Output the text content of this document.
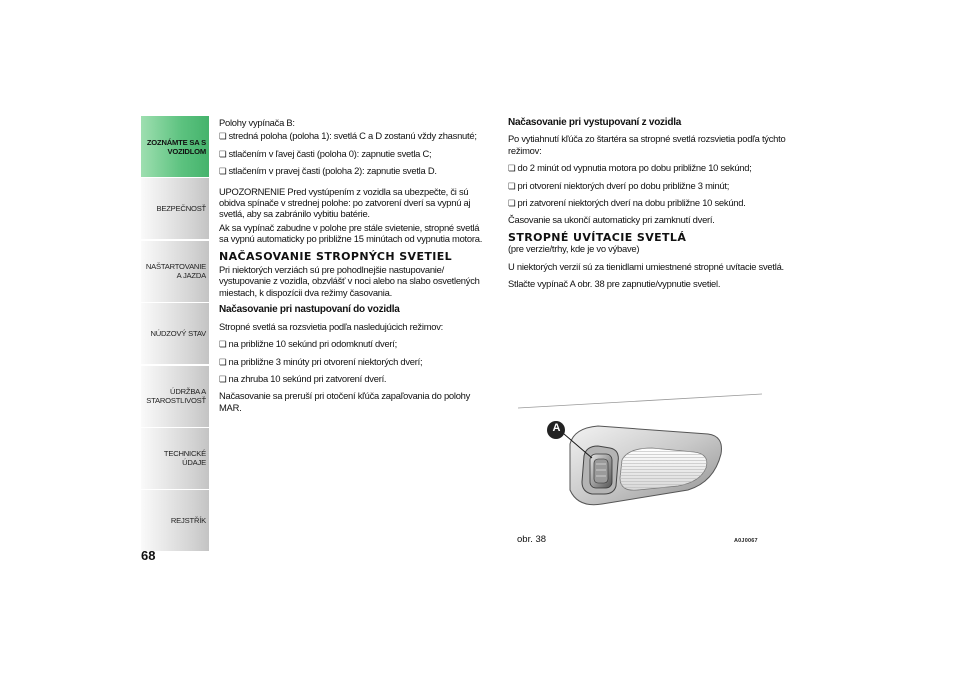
ZOZNÁMTE SA S VOZIDLOM
BEZPEČNOSŤ
NAŠTARTOVANIE A JAZDA
NÚDZOVÝ STAV
ÚDRŽBA A STAROSTLIVOSŤ
TECHNICKÉ ÚDAJE
REJSTŘÍK
68

Polohy vypínača B:

❏ stredná poloha (poloha 1): svetlá C a D zostanú vždy zhasnuté;
❏ stlačením v ľavej časti (poloha 0): zapnutie svetla C;
❏ stlačením v pravej časti (poloha 2): zapnutie svetla D.

UPOZORNENIE Pred vystúpením z vozidla sa ubezpečte, či sú obidva spínače v strednej polohe: po zatvorení dverí sa vypnú aj svetlá, aby sa zabránilo vybitiu batérie.

Ak sa vypínač zabudne v polohe pre stále svietenie, stropné svetlá sa vypnú automaticky po približne 15 minútach od vypnutia motora.

NAČASOVANIE STROPNÝCH SVETIEL

Pri niektorých verziách sú pre pohodlnejšie nastupovanie/ vystupovanie z vozidla, obzvlášť v noci alebo na slabo osvetlených miestach, k dispozícii dva režimy časovania.

Načasovanie pri nastupovaní do vozidla

Stropné svetlá sa rozsvietia podľa nasledujúcich režimov:

❏ na približne 10 sekúnd pri odomknutí dverí;
❏ na približne 3 minúty pri otvorení niektorých dverí;
❏ na zhruba 10 sekúnd pri zatvorení dverí.

Načasovanie sa preruší pri otočení kľúča zapaľovania do polohy MAR.

Načasovanie pri vystupovaní z vozidla

Po vytiahnutí kľúča zo štartéra sa stropné svetlá rozsvietia podľa týchto režimov:

❏ do 2 minút od vypnutia motora po dobu približne 10 sekúnd;
❏ pri otvorení niektorých dverí po dobu približne 3 minút;
❏ pri zatvorení niektorých dverí na dobu približne 10 sekúnd.

Časovanie sa ukončí automaticky pri zamknutí dverí.

STROPNÉ UVÍTACIE SVETLÁ

(pre verzie/trhy, kde je vo výbave)

U niektorých verzií sú za tienidlami umiestnené stropné uvítacie svetlá.

Stlačte vypínač A obr. 38 pre zapnutie/vypnutie svetiel.

A
obr. 38	A0J0067
